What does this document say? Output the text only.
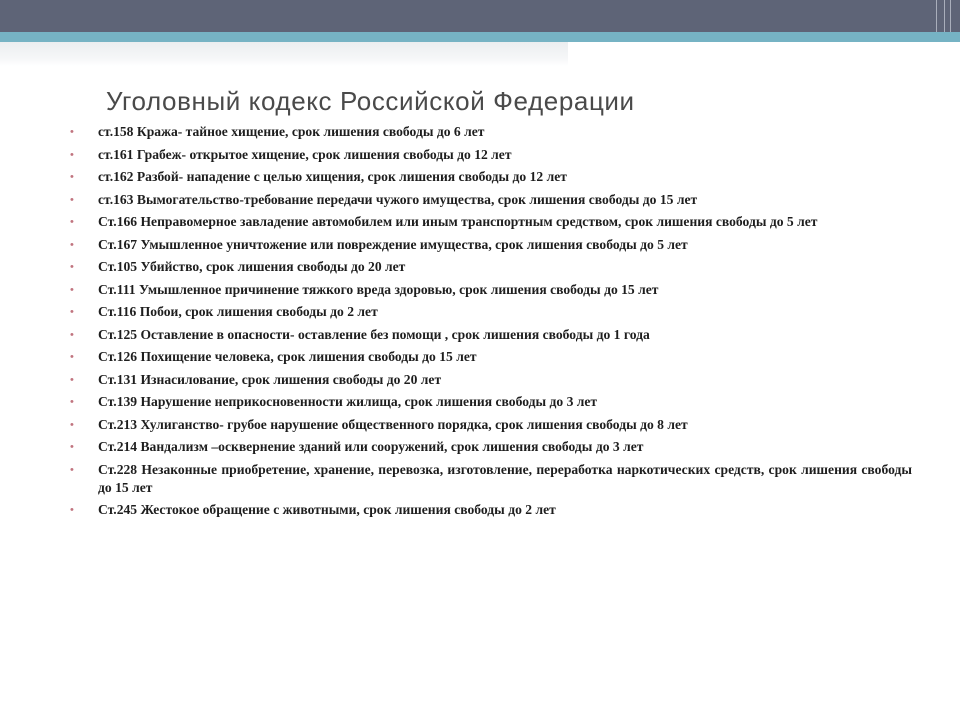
Уголовный кодекс Российской Федерации
• ст.158 Кража- тайное хищение, срок лишения свободы до 6 лет
• ст.161 Грабеж- открытое хищение, срок лишения свободы до 12 лет
• ст.162 Разбой- нападение с целью хищения, срок лишения свободы до 12 лет
• ст.163 Вымогательство-требование передачи чужого имущества, срок лишения свободы до 15 лет
• Ст.166 Неправомерное завладение автомобилем или иным транспортным средством, срок лишения свободы до 5 лет
• Ст.167 Умышленное уничтожение или повреждение имущества, срок лишения свободы до 5 лет
• Ст.105 Убийство, срок лишения свободы до 20 лет
• Ст.111 Умышленное причинение тяжкого вреда здоровью, срок лишения свободы до 15 лет
• Ст.116 Побои, срок лишения свободы до 2 лет
• Ст.125 Оставление в опасности- оставление без помощи , срок лишения свободы до 1 года
• Ст.126 Похищение человека, срок лишения свободы до 15 лет
• Ст.131 Изнасилование, срок лишения свободы до 20 лет
• Ст.139 Нарушение неприкосновенности жилища, срок лишения свободы до 3 лет
• Ст.213 Хулиганство- грубое нарушение общественного порядка, срок лишения свободы до 8 лет
• Ст.214 Вандализм –осквернение зданий или сооружений, срок лишения свободы до 3 лет
• Ст.228 Незаконные приобретение, хранение, перевозка, изготовление, переработка наркотических средств, срок лишения свободы до 15 лет
• Ст.245 Жестокое обращение с животными, срок лишения свободы до 2 лет
